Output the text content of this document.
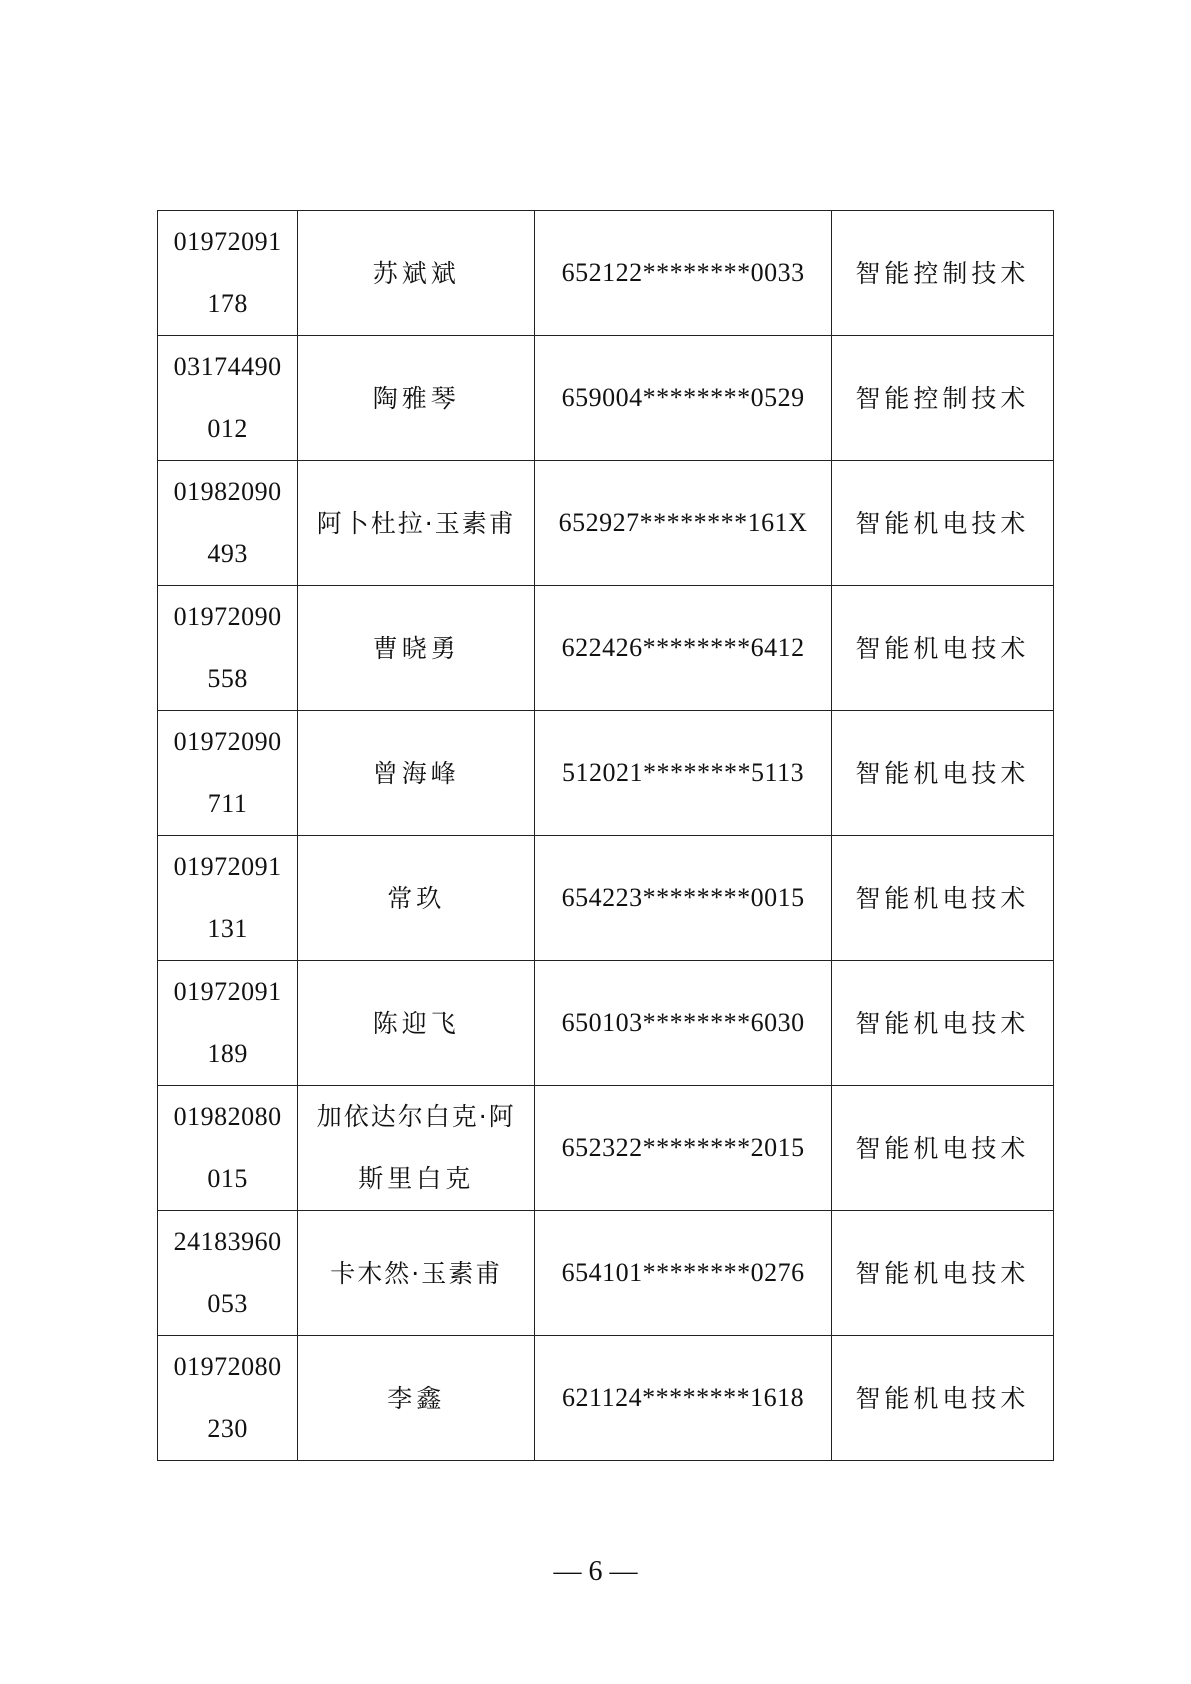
01972091
178	苏斌斌	652122********0033	智能控制技术

03174490
012	陶雅琴	659004********0529	智能控制技术

01982090
493	阿卜杜拉·玉素甫	652927********161X	智能机电技术

01972090
558	曹晓勇	622426********6412	智能机电技术

01972090
711	曾海峰	512021********5113	智能机电技术

01972091
131	常玖	654223********0015	智能机电技术

01972091
189	陈迎飞	650103********6030	智能机电技术

01982080
015	加依达尔白克·阿
斯里白克	652322********2015	智能机电技术

24183960
053	卡木然·玉素甫	654101********0276	智能机电技术

01972080
230	李鑫	621124********1618	智能机电技术
— 6 —
